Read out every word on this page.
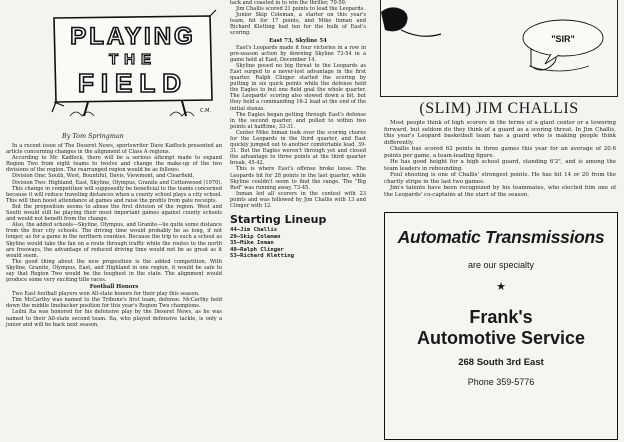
PLAYING
THE
FIELD
C.M.
By Tom Springman

In a recent issue of The Deseret News, sportswriter Dave Kadlock presented an article concerning changes in the alignment of Class A regions.

According to Mr. Kadlock, there will be a serious attempt made to expand Region Two from eight teams to twelve and change the make-up of the two divisions of the region. The rearranged region would be as follows:

Division One: South, West, Bountiful, Davis, Viewmont, and Clearfield.

Division Two: Highland, East, Skyline, Olympus, Granite and Cottonwood (1970).

This change in competition will supposedly be beneficial to the teams concerned because it will reduce traveling distances when a county school plays a city school. This will then boost attendance at games and raise the profits from gate receipts.

But the proposition seems to abuse the first division of the region. West and South would still be playing their most important games against county schools and would not benefit from the change.

Also, the added schools—Skyline, Olympus, and Granite—lie quite some distance from the four city schools. The driving time would probably be as long, if not longer, as for a game in the northern counties. Because the trip to such a school as Skyline would take the fan on a route through traffic while the routes to the north are freeways, the advantage of reduced driving time would not be as great as it would seem.

The good thing about the new proposition is the added competition. With Skyline, Granite, Olympus, East, and Highland in one region, it would be safe to say that Region Two would be the toughest in the state. The alignment would produce some very exciting title races.

Football Honors

Two East football players won All-state honors for their play this season.

Tim McCarthy was named to the Tribune's first team, defense. McCarthy held down the middle linebacker position for this year's Region Two champions.

Leilni Ita was honored for his defensive play by the Deseret News, as he was named to their All-state second team. Ita, who played defensive tackle, is only a junior and will be back next season.

tack and coasted in to win the thriller, 70-59.

Jim Challis scored 21 points to lead the Leopards.

Junior Skip Coleman, a starter on this year's team, hit for 17 points, and Mike Inman and Richard Kletting had ten for the bulk of East's scoring.

East 73, Skyline 54

East's Leopards made it four victories in a row in pre-season action by downing Skyline 73-54 in a game held at East, December 14.

Skyline posed no big threat to the Leopards as East surged to a never-lost advantage in the first quarter. Ralph Clinger started the scoring by putting in six quick points while the defense held the Eagles to but one field goal the whole quarter. The Leopards' scoring also slowed down a bit, but they held a commanding 16-2 lead at the end of the initial stanza.

The Eagles began getting through East's defense in the second quarter, and pulled to within two points at halftime, 33-31.

Center Mike Inman took over the scoring chores for the Leopards in the third quarter, and East quickly jumped out to another comfortable lead, 39-31. But the Eagles weren't through yet and closed the advantage to three points at the third quarter break, 45-42.

This is where East's offense broke loose. The Leopards hit for 28 points in the last quarter, while Skyline couldn't seem to find the range. The "Big Red" was running away, 73-45.

Inman led all scorers in the contest with 23 points and was followed by Jim Challis with 13 and Clinger with 12.

Starting Lineup
44—Jim Challis
20—Skip Coleman
35—Mike Inman
40—Ralph Clinger
53—Richard Kletting
"SIR"
(SLIM) JIM CHALLIS

Most people think of high scorers in the terms of a giant center or a towering forward, but seldom do they think of a guard as a scoring threat. In Jim Challis, this year's Leopard basketball team has a guard who is making people think differently.

Challis has scored 62 points in three games this year for an average of 20.6 points per game, a team-leading figure.

He has good height for a high school guard, standing 6'2", and is among the team leaders in rebounding.

Foul shooting is one of Challis' strongest points. He has hit 14 or 20 from the charity stripe in the last two games.

Jim's talents have been recognized by his teammates, who elected him one of the Leopards' co-captains at the start of the season.

Automatic Transmissions
are our specialty
★
Frank's
Automotive Service
268 South 3rd East
Phone 359-5776
